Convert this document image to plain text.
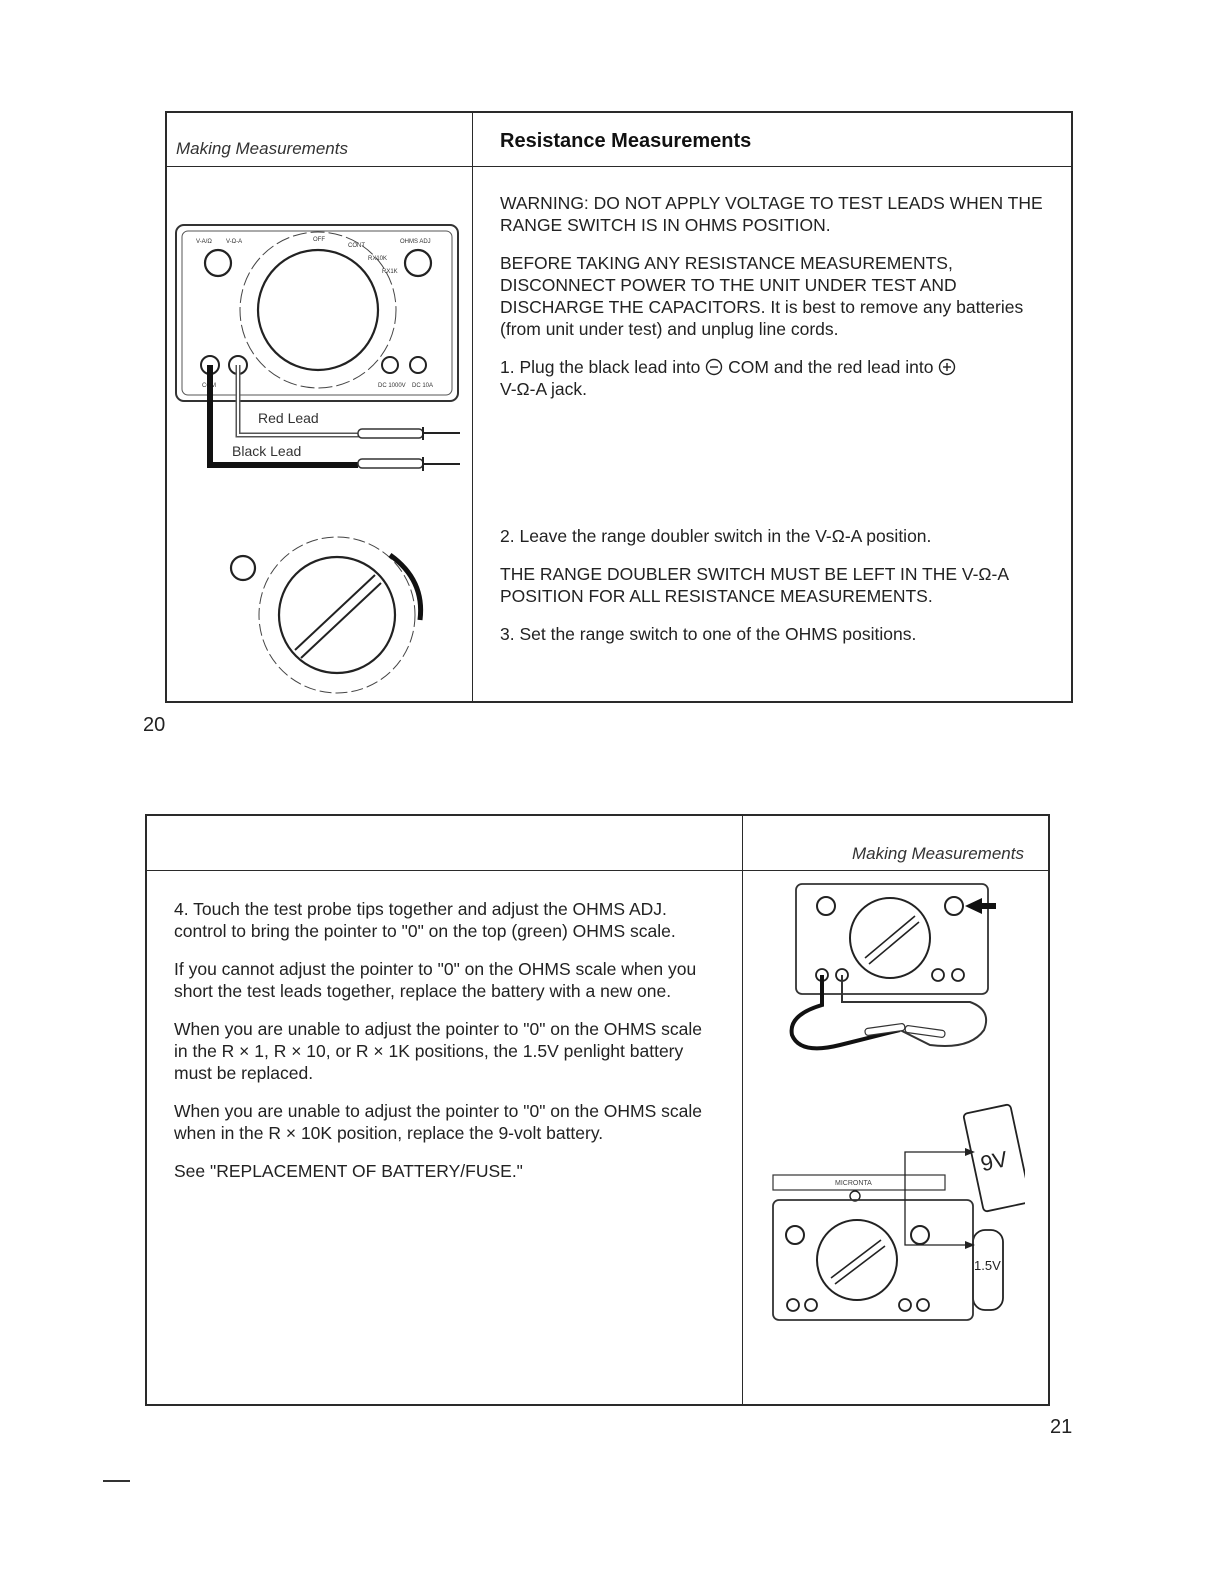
Making Measurements	Resistance Measurements

WARNING: DO NOT APPLY VOLTAGE TO TEST LEADS WHEN THE RANGE SWITCH IS IN OHMS POSITION.

BEFORE TAKING ANY RESISTANCE MEASUREMENTS, DISCONNECT POWER TO THE UNIT UNDER TEST AND DISCHARGE THE CAPACITORS. It is best to remove any batteries (from unit under test) and unplug line cords.

1. Plug the black lead into COM and the red lead into
V-Ω-A jack.

2. Leave the range doubler switch in the V-Ω-A position.

THE RANGE DOUBLER SWITCH MUST BE LEFT IN THE V-Ω-A POSITION FOR ALL RESISTANCE MEASUREMENTS.

3. Set the range switch to one of the OHMS positions.

V-A/Ω V-Ω-A	OHMS ADJ
OFF
CONT
RX10K
RX1K
DC 1000V DC 10A
COM
Red Lead
Black Lead
20
Making Measurements

4. Touch the test probe tips together and adjust the OHMS ADJ. control to bring the pointer to "0" on the top (green) OHMS scale.

If you cannot adjust the pointer to "0" on the OHMS scale when you short the test leads together, replace the battery with a new one.

When you are unable to adjust the pointer to "0" on the OHMS scale in the R × 1, R × 10, or R × 1K positions, the 1.5V penlight battery must be replaced.

When you are unable to adjust the pointer to "0" on the OHMS scale when in the R × 10K position, replace the 9-volt battery.

See "REPLACEMENT OF BATTERY/FUSE."	9V
1.5V
MICRONTA
21
